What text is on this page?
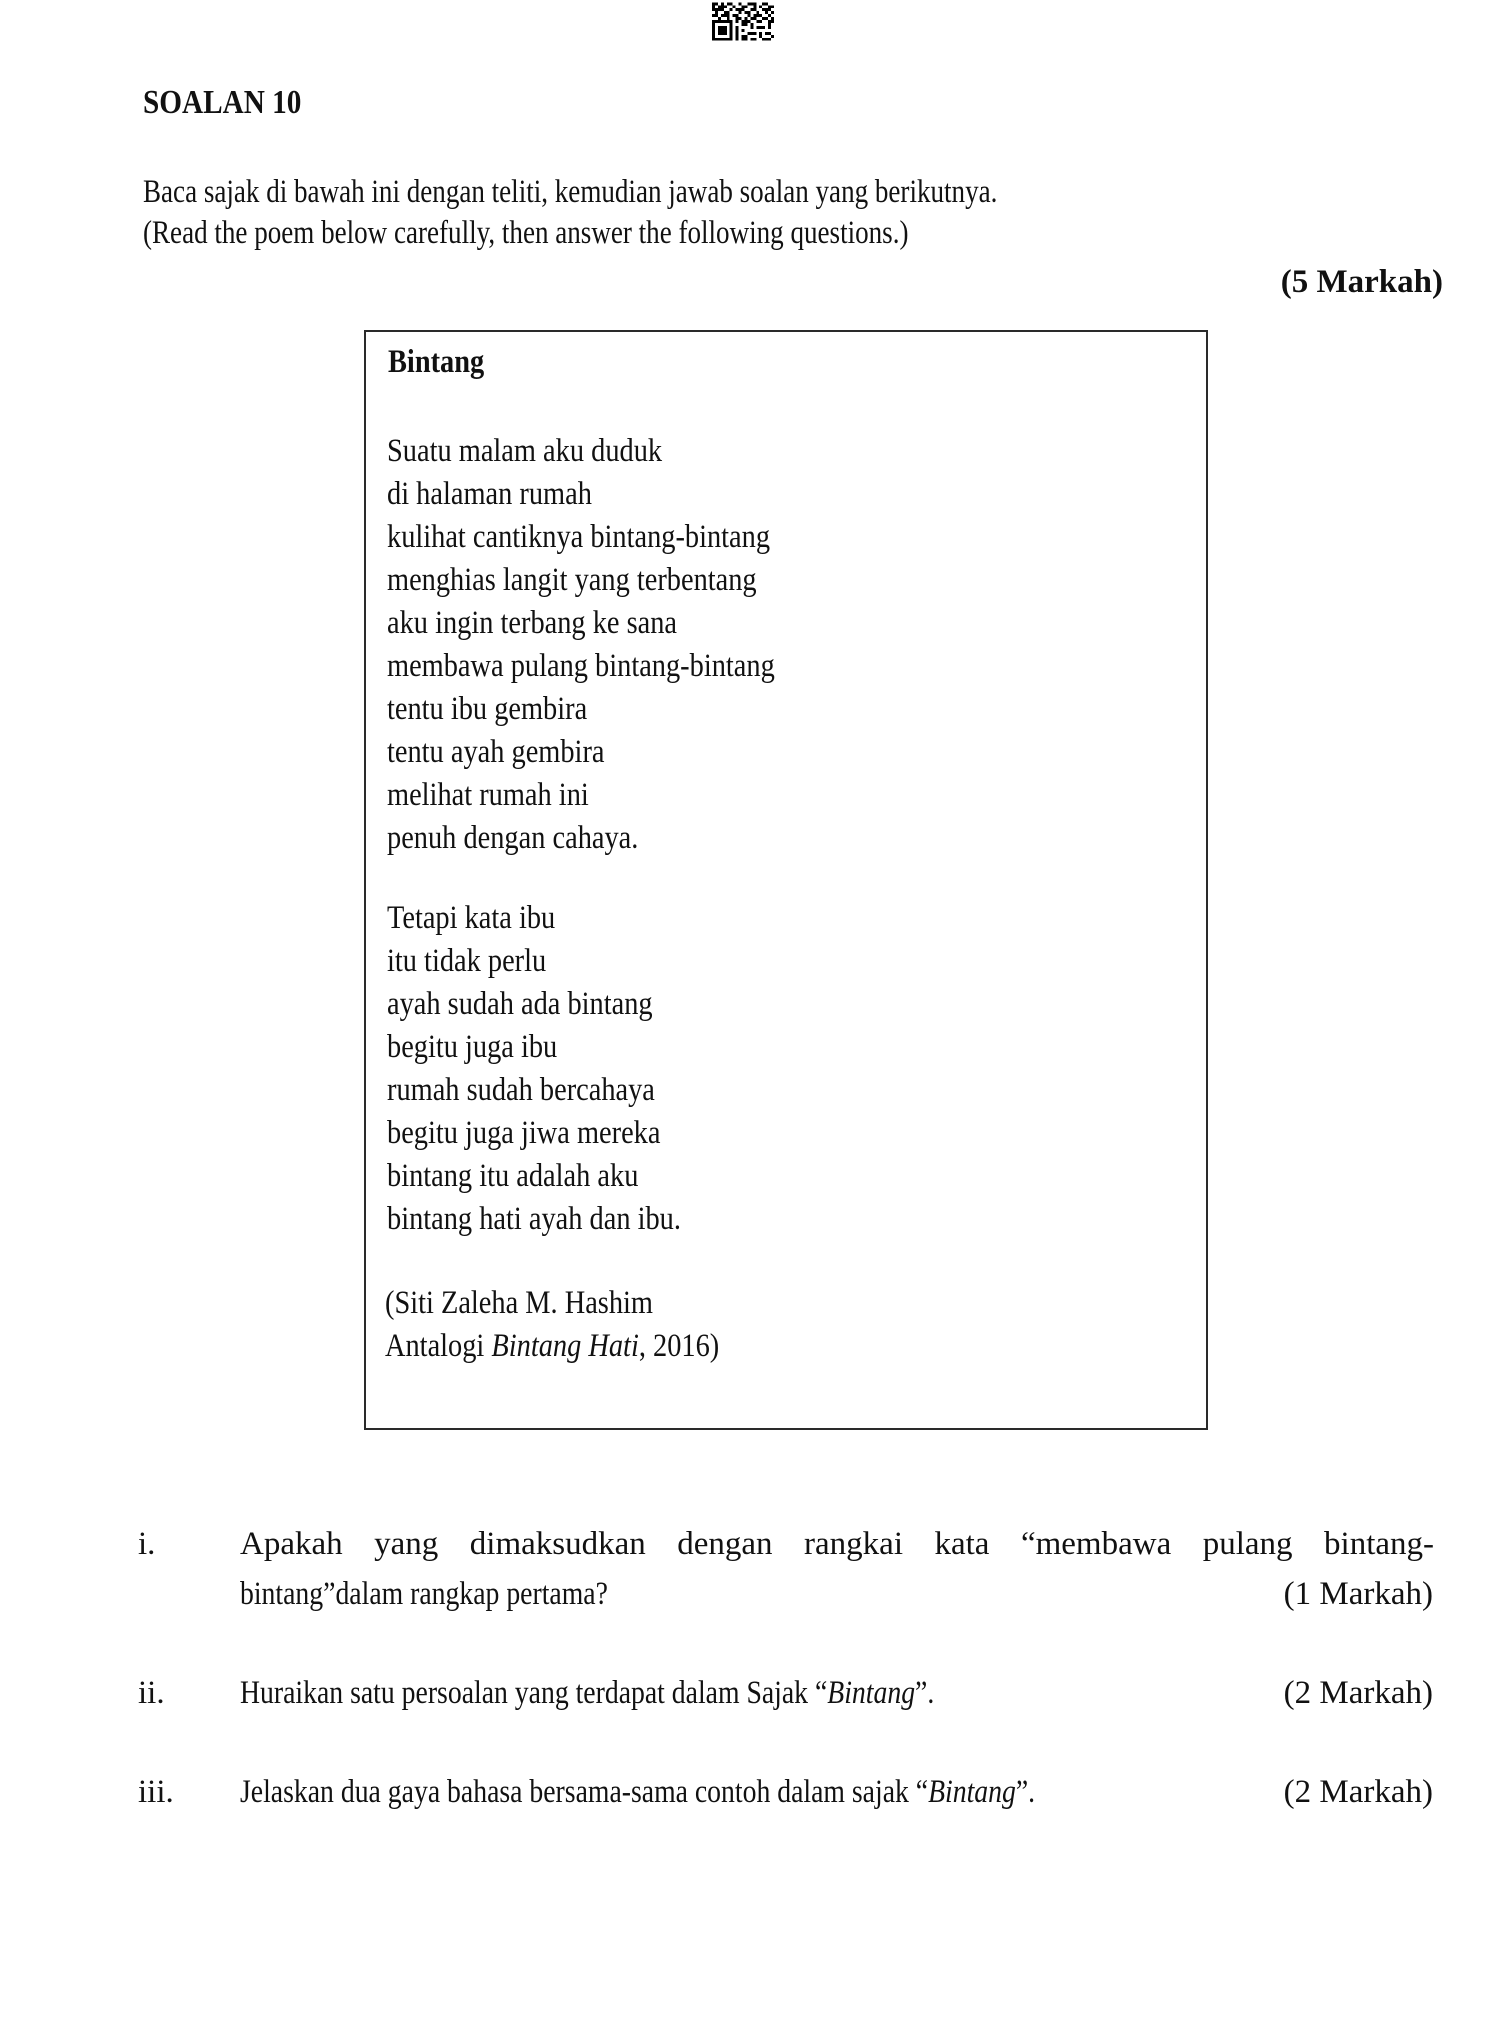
SOALAN 10
Baca sajak di bawah ini dengan teliti, kemudian jawab soalan yang berikutnya.
(Read the poem below carefully, then answer the following questions.)
(5 Markah)
Bintang
Suatu malam aku duduk
di halaman rumah
kulihat cantiknya bintang-bintang
menghias langit yang terbentang
aku ingin terbang ke sana
membawa pulang bintang-bintang
tentu ibu gembira
tentu ayah gembira
melihat rumah ini
penuh dengan cahaya.
Tetapi kata ibu
itu tidak perlu
ayah sudah ada bintang
begitu juga ibu
rumah sudah bercahaya
begitu juga jiwa mereka
bintang itu adalah aku
bintang hati ayah dan ibu.
(Siti Zaleha M. Hashim
Antalogi Bintang Hati, 2016)
i.	Apakah yang dimaksudkan dengan rangkai kata “membawa pulang bintang-
bintang”dalam rangkap pertama?	(1 Markah)
ii. Huraikan satu persoalan yang terdapat dalam Sajak “Bintang”.	(2 Markah)
iii. Jelaskan dua gaya bahasa bersama-sama contoh dalam sajak “Bintang”.	(2 Markah)
